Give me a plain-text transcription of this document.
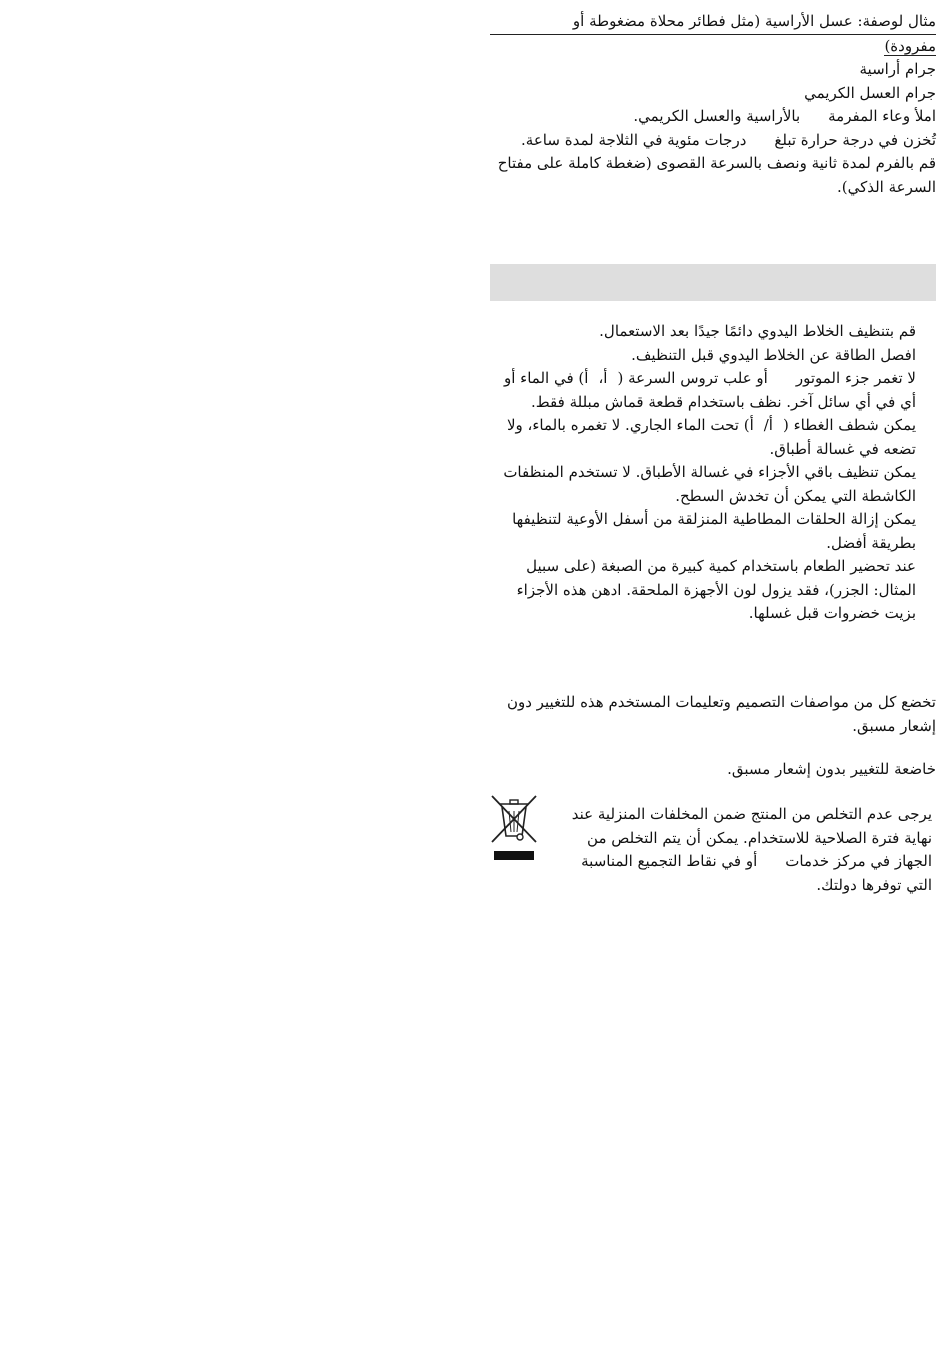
مثال لوصفة: عسل الأراسية (مثل فطائر محلاة مضغوطة أو

مفرودة)

جرام أراسية

جرام العسل الكريمي

املأ وعاء المفرمةبالأراسية والعسل الكريمي.

تُخزن في درجة حرارة تبلغدرجات مئوية في الثلاجة لمدة ساعة.

قم بالفرم لمدة ثانية ونصف بالسرعة القصوى (ضغطة كاملة على مفتاح السرعة الذكي).

قم بتنظيف الخلاط اليدوي دائمًا جيدًا بعد الاستعمال.

افصل الطاقة عن الخلاط اليدوي قبل التنظيف.

لا تغمر جزء الموتورأو علب تروس السرعة (أ،أ) في الماء أو أي في أي سائل آخر. نظف باستخدام قطعة قماش مبللة فقط.

يمكن شطف الغطاء (أ/أ) تحت الماء الجاري. لا تغمره بالماء، ولا تضعه في غسالة أطباق.

يمكن تنظيف باقي الأجزاء في غسالة الأطباق. لا تستخدم المنظفات الكاشطة التي يمكن أن تخدش السطح.

يمكن إزالة الحلقات المطاطية المنزلقة من أسفل الأوعية لتنظيفها بطريقة أفضل.

عند تحضير الطعام باستخدام كمية كبيرة من الصبغة (على سبيل المثال: الجزر)، فقد يزول لون الأجهزة الملحقة. ادهن هذه الأجزاء بزيت خضروات قبل غسلها.

تخضع كل من مواصفات التصميم وتعليمات المستخدم هذه للتغيير دون إشعار مسبق.

خاضعة للتغيير بدون إشعار مسبق.

يرجى عدم التخلص من المنتج ضمن المخلفات المنزلية عند نهاية فترة الصلاحية للاستخدام. يمكن أن يتم التخلص من الجهاز في مركز خدماتأو في نقاط التجميع المناسبة التي توفرها دولتك.
